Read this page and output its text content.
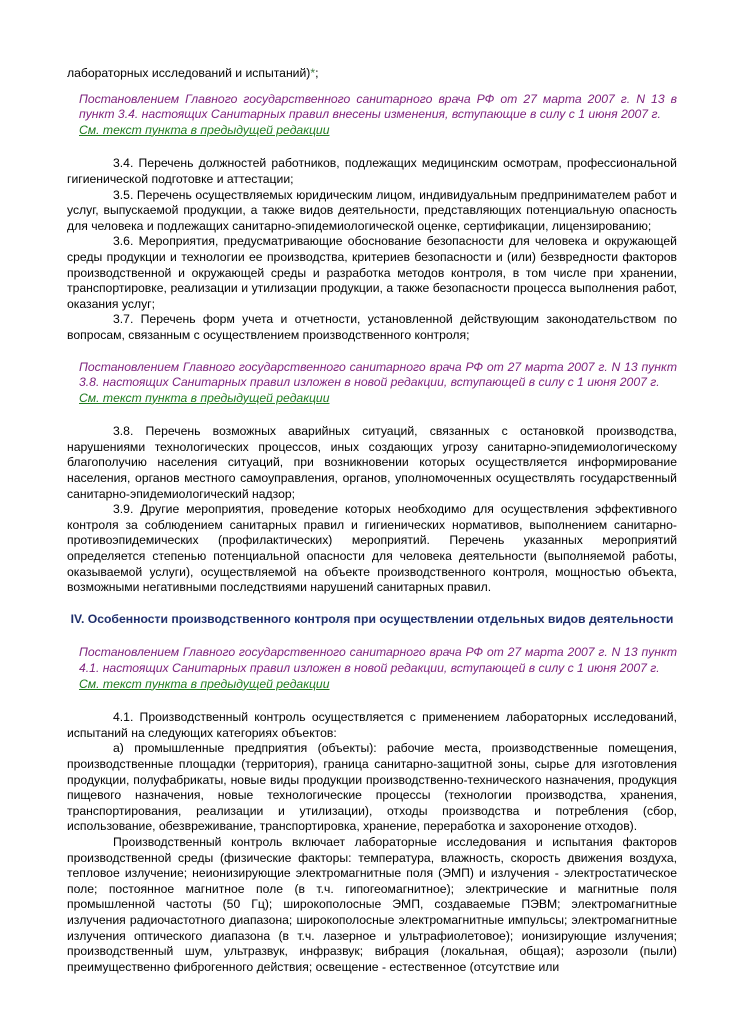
лабораторных исследований и испытаний)*;

Постановлением Главного государственного санитарного врача РФ от 27 марта 2007 г. N 13 в пункт 3.4. настоящих Санитарных правил внесены изменения, вступающие в силу с 1 июня 2007 г.
См. текст пункта в предыдущей редакции

3.4. Перечень должностей работников, подлежащих медицинским осмотрам, профессиональной гигиенической подготовке и аттестации;

3.5. Перечень осуществляемых юридическим лицом, индивидуальным предпринимателем работ и услуг, выпускаемой продукции, а также видов деятельности, представляющих потенциальную опасность для человека и подлежащих санитарно-эпидемиологической оценке, сертификации, лицензированию;

3.6. Мероприятия, предусматривающие обоснование безопасности для человека и окружающей среды продукции и технологии ее производства, критериев безопасности и (или) безвредности факторов производственной и окружающей среды и разработка методов контроля, в том числе при хранении, транспортировке, реализации и утилизации продукции, а также безопасности процесса выполнения работ, оказания услуг;

3.7. Перечень форм учета и отчетности, установленной действующим законодательством по вопросам, связанным с осуществлением производственного контроля;

Постановлением Главного государственного санитарного врача РФ от 27 марта 2007 г. N 13 пункт 3.8. настоящих Санитарных правил изложен в новой редакции, вступающей в силу с 1 июня 2007 г.
См. текст пункта в предыдущей редакции

3.8. Перечень возможных аварийных ситуаций, связанных с остановкой производства, нарушениями технологических процессов, иных создающих угрозу санитарно-эпидемиологическому благополучию населения ситуаций, при возникновении которых осуществляется информирование населения, органов местного самоуправления, органов, уполномоченных осуществлять государственный санитарно-эпидемиологический надзор;

3.9. Другие мероприятия, проведение которых необходимо для осуществления эффективного контроля за соблюдением санитарных правил и гигиенических нормативов, выполнением санитарно-противоэпидемических (профилактических) мероприятий. Перечень указанных мероприятий определяется степенью потенциальной опасности для человека деятельности (выполняемой работы, оказываемой услуги), осуществляемой на объекте производственного контроля, мощностью объекта, возможными негативными последствиями нарушений санитарных правил.

IV. Особенности производственного контроля при осуществлении отдельных видов деятельности
Постановлением Главного государственного санитарного врача РФ от 27 марта 2007 г. N 13 пункт 4.1. настоящих Санитарных правил изложен в новой редакции, вступающей в силу с 1 июня 2007 г.
См. текст пункта в предыдущей редакции

4.1. Производственный контроль осуществляется с применением лабораторных исследований, испытаний на следующих категориях объектов:

а) промышленные предприятия (объекты): рабочие места, производственные помещения, производственные площадки (территория), граница санитарно-защитной зоны, сырье для изготовления продукции, полуфабрикаты, новые виды продукции производственно-технического назначения, продукция пищевого назначения, новые технологические процессы (технологии производства, хранения, транспортирования, реализации и утилизации), отходы производства и потребления (сбор, использование, обезвреживание, транспортировка, хранение, переработка и захоронение отходов).

Производственный контроль включает лабораторные исследования и испытания факторов производственной среды (физические факторы: температура, влажность, скорость движения воздуха, тепловое излучение; неионизирующие электромагнитные поля (ЭМП) и излучения - электростатическое поле; постоянное магнитное поле (в т.ч. гипогеомагнитное); электрические и магнитные поля промышленной частоты (50 Гц); широкополосные ЭМП, создаваемые ПЭВМ; электромагнитные излучения радиочастотного диапазона; широкополосные электромагнитные импульсы; электромагнитные излучения оптического диапазона (в т.ч. лазерное и ультрафиолетовое); ионизирующие излучения; производственный шум, ультразвук, инфразвук; вибрация (локальная, общая); аэрозоли (пыли) преимущественно фиброгенного действия; освещение - естественное (отсутствие или
